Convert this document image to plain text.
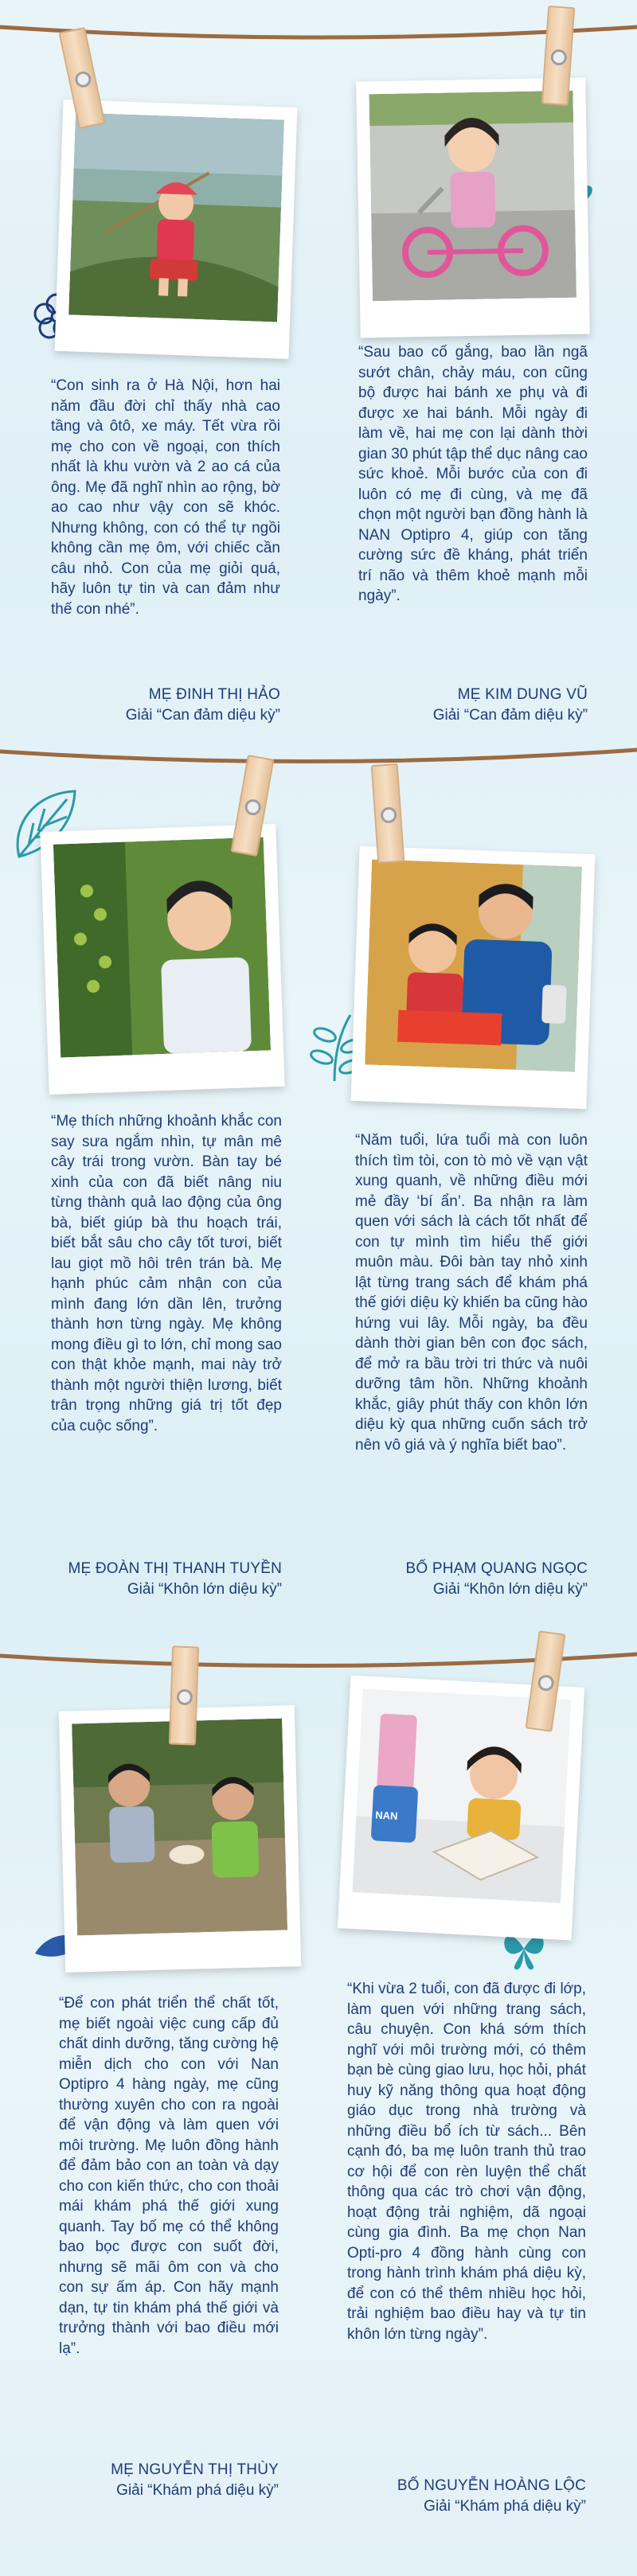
“Con sinh ra ở Hà Nội, hơn hai năm đầu đời chỉ thấy nhà cao tầng và ôtô, xe máy. Tết vừa rồi mẹ cho con về ngoại, con thích nhất là khu vườn và 2 ao cá của ông. Mẹ đã nghĩ nhìn ao rộng, bờ ao cao như vậy con sẽ khóc. Nhưng không, con có thể tự ngồi không cần mẹ ôm, với chiếc cần câu nhỏ. Con của mẹ giỏi quá, hãy luôn tự tin và can đảm như thế con nhé”.

MẸ ĐINH THỊ HẢO
Giải “Can đảm diệu kỳ”

“Sau bao cố gắng, bao lần ngã sướt chân, chảy máu, con cũng bộ được hai bánh xe phụ và đi được xe hai bánh. Mỗi ngày đi làm về, hai mẹ con lại dành thời gian 30 phút tập thể dục nâng cao sức khoẻ. Mỗi bước của con đi luôn có mẹ đi cùng, và mẹ đã chọn một người bạn đồng hành là NAN Optipro 4, giúp con tăng cường sức đề kháng, phát triển trí não và thêm khoẻ mạnh mỗi ngày”.

MẸ KIM DUNG VŨ
Giải “Can đảm diệu kỳ”

“Mẹ thích những khoảnh khắc con say sưa ngắm nhìn, tự mân mê cây trái trong vườn. Bàn tay bé xinh của con đã biết nâng niu từng thành quả lao động của ông bà, biết giúp bà thu hoạch trái, biết bắt sâu cho cây tốt tươi, biết lau giọt mồ hôi trên trán bà. Mẹ hạnh phúc cảm nhận con của mình đang lớn dần lên, trưởng thành hơn từng ngày. Mẹ không mong điều gì to lớn, chỉ mong sao con thật khỏe mạnh, mai này trở thành một người thiện lương, biết trân trọng những giá trị tốt đẹp của cuộc sống”.

MẸ ĐOÀN THỊ THANH TUYỀN
Giải “Khôn lớn diệu kỳ”

“Năm tuổi, lứa tuổi mà con luôn thích tìm tòi, con tò mò về vạn vật xung quanh, về những điều mới mẻ đầy ‘bí ẩn’. Ba nhận ra làm quen với sách là cách tốt nhất để con tự mình tìm hiểu thế giới muôn màu. Đôi bàn tay nhỏ xinh lật từng trang sách để khám phá thế giới diệu kỳ khiến ba cũng hào hứng vui lây. Mỗi ngày, ba đều dành thời gian bên con đọc sách, để mở ra bầu trời tri thức và nuôi dưỡng tâm hồn. Những khoảnh khắc, giây phút thấy con khôn lớn diệu kỳ qua những cuốn sách trở nên vô giá và ý nghĩa biết bao”.

BỐ PHẠM QUANG NGỌC
Giải “Khôn lớn diệu kỳ”
NAN

“Để con phát triển thể chất tốt, mẹ biết ngoài việc cung cấp đủ chất dinh dưỡng, tăng cường hệ miễn dịch cho con với Nan Optipro 4 hàng ngày, mẹ cũng thường xuyên cho con ra ngoài để vận động và làm quen với môi trường. Mẹ luôn đồng hành để đảm bảo con an toàn và dạy cho con kiến thức, cho con thoải mái khám phá thế giới xung quanh. Tay bố mẹ có thể không bao bọc được con suốt đời, nhưng sẽ mãi ôm con và cho con sự ấm áp. Con hãy mạnh dạn, tự tin khám phá thế giới và trưởng thành với bao điều mới lạ”.

MẸ NGUYỄN THỊ THÙY
Giải “Khám phá diệu kỳ”

“Khi vừa 2 tuổi, con đã được đi lớp, làm quen với những trang sách, câu chuyện. Con khá sớm thích nghĩ với môi trường mới, có thêm bạn bè cùng giao lưu, học hỏi, phát huy kỹ năng thông qua hoạt động giáo dục trong nhà trường và những điều bổ ích từ sách... Bên cạnh đó, ba mẹ luôn tranh thủ trao cơ hội để con rèn luyện thể chất thông qua các trò chơi vận động, hoạt động trải nghiệm, dã ngoại cùng gia đình. Ba mẹ chọn Nan Opti-pro 4 đồng hành cùng con trong hành trình khám phá diệu kỳ, để con có thể thêm nhiều học hỏi, trải nghiệm bao điều hay và tự tin khôn lớn từng ngày”.

BỐ NGUYỄN HOÀNG LỘC
Giải “Khám phá diệu kỳ”
